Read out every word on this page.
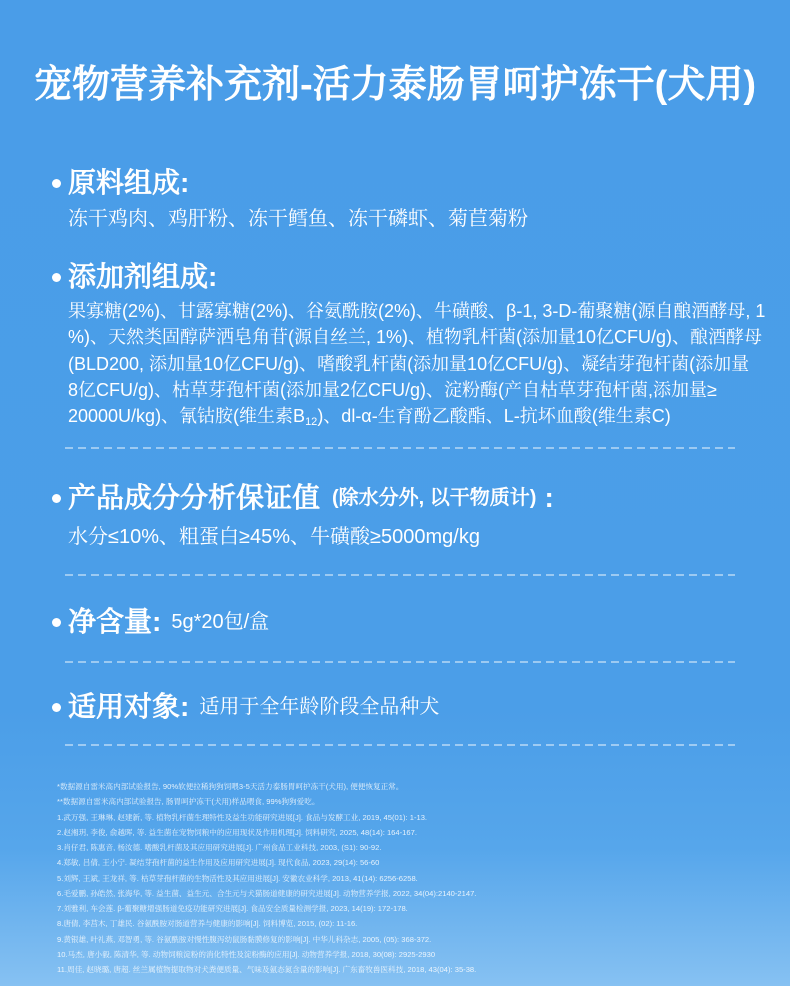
宠物营养补充剂-活力泰肠胃呵护冻干(犬用)
原料组成:
冻干鸡肉、鸡肝粉、冻干鳕鱼、冻干磷虾、菊苣菊粉
添加剂组成:
果寡糖(2%)、甘露寡糖(2%)、谷氨酰胺(2%)、牛磺酸、β-1, 3-D-葡聚糖(源自酿酒酵母, 1
%)、天然类固醇萨洒皂角苷(源自丝兰, 1%)、植物乳杆菌(添加量10亿CFU/g)、酿酒酵母
(BLD200, 添加量10亿CFU/g)、嗜酸乳杆菌(添加量10亿CFU/g)、凝结芽孢杆菌(添加量
8亿CFU/g)、枯草芽孢杆菌(添加量2亿CFU/g)、淀粉酶(产自枯草芽孢杆菌,添加量≥
20000U/kg)、氰钴胺(维生素$B_{12}$)、dl-α-生育酚乙酸酯、L-抗坏血酸(维生素C)
产品成分分析保证值 (除水分外, 以干物质计) :
水分≤10%、粗蛋白≥45%、牛磺酸≥5000mg/kg
净含量: 5g*20包/盒
适用对象: 适用于全年龄阶段全品种犬
*数据源自雷米高内部试验报告, 90%软便拉稀狗狗饲喂3-5天活力泰肠胃呵护冻干(犬用), 便便恢复正常。
**数据源自雷米高内部试验报告, 肠胃呵护冻干(犬用)样品喂食, 99%狗狗爱吃。
1.武万强, 王琳琳, 赵建新, 等. 植物乳杆菌生理特性及益生功能研究进展[J]. 食品与发酵工业, 2019, 45(01): 1-13.
2.赵湘玥, 李俊, 俞越晖, 等. 益生菌在宠物饲粮中的应用现状及作用机理[J]. 饲料研究, 2025, 48(14): 164-167.
3.肖仔君, 陈惠音, 杨汝德. 嗜酸乳杆菌及其应用研究进展[J]. 广州食品工业科技, 2003, (S1): 90-92.
4.郑敏, 吕倩, 王小宁. 凝结芽孢杆菌的益生作用及应用研究进展[J]. 现代食品, 2023, 29(14): 56-60
5.刘辉, 王斌, 王龙祥, 等. 枯草芽孢杆菌的生物活性及其应用进展[J]. 安徽农业科学, 2013, 41(14): 6256-6258.
6.毛爱鹏, 孙皓然, 张海华, 等. 益生菌、益生元、合生元与犬猫肠道健康的研究进展[J]. 动物营养学报, 2022, 34(04):2140-2147.
7.刘雅利, 车会莲. β-葡聚糖增强肠道免疫功能研究进展[J]. 食品安全质量检测学报, 2023, 14(19): 172-178.
8.唐倩, 李莒木, 丁雄民. 谷氨酰胺对肠道营养与健康的影响[J]. 饲料博览, 2015, (02): 11-16.
9.黄银雄, 叶礼燕, 邓智勇, 等. 谷氨酰胺对慢性腹泻幼鼠肠黏膜修复的影响[J]. 中华儿科杂志, 2005, (05): 368-372.
10.马杰, 唐小毅, 陈清华, 等. 动物饲粮淀粉的消化特性及淀粉酶的应用[J]. 动物营养学报, 2018, 30(08): 2925-2930
11.周佳, 赵晓璐, 唐超. 丝兰属植物提取物对犬粪便质量、气味及氨态氮含量的影响[J]. 广东畜牧兽医科技, 2018, 43(04): 35-38.
